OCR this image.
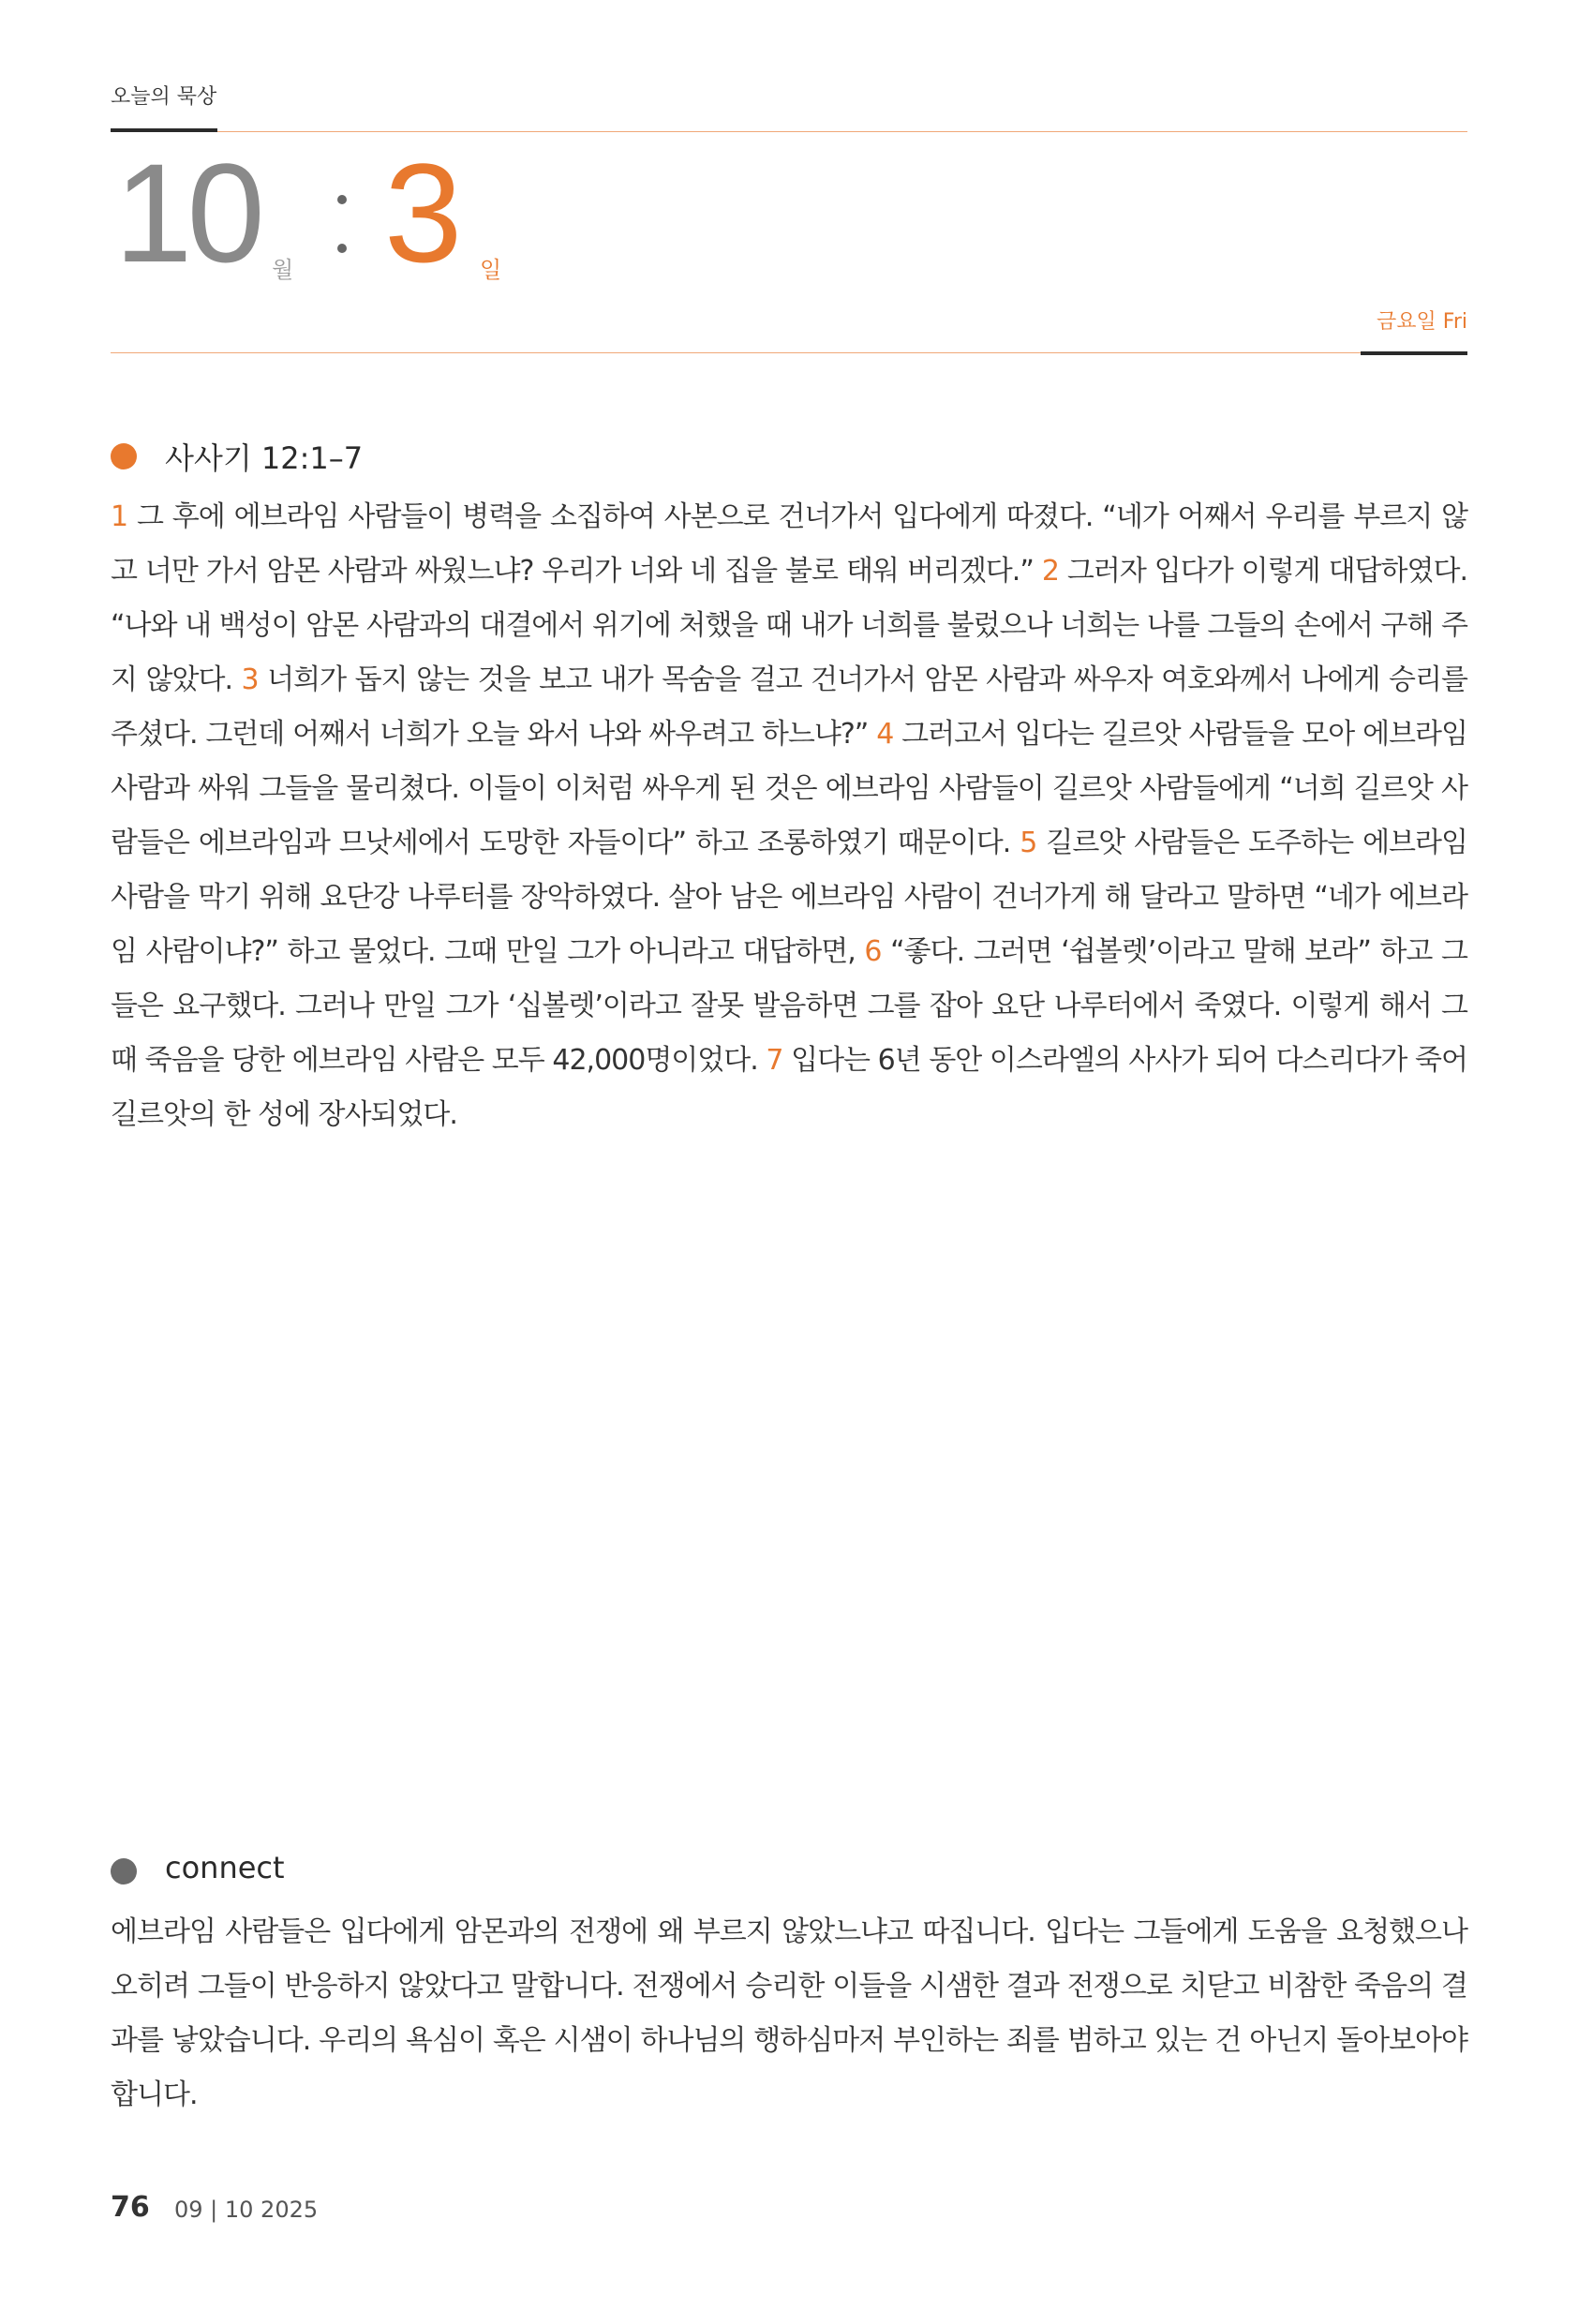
오늘의 묵상
10 월 3 일
금요일 Fri
사사기 12:1–7
1 그 후에 에브라임 사람들이 병력을 소집하여 사본으로 건너가서 입다에게 따졌다. “네가 어째서 우리를 부르지 않고 너만 가서 암몬 사람과 싸웠느냐? 우리가 너와 네 집을 불로 태워 버리겠다.” 2 그러자 입다가 이렇게 대답하였다. “나와 내 백성이 암몬 사람과의 대결에서 위기에 처했을 때 내가 너희를 불렀으나 너희는 나를 그들의 손에서 구해 주지 않았다. 3 너희가 돕지 않는 것을 보고 내가 목숨을 걸고 건너가서 암몬 사람과 싸우자 여호와께서 나에게 승리를 주셨다. 그런데 어째서 너희가 오늘 와서 나와 싸우려고 하느냐?” 4 그러고서 입다는 길르앗 사람들을 모아 에브라임 사람과 싸워 그들을 물리쳤다. 이들이 이처럼 싸우게 된 것은 에브라임 사람들이 길르앗 사람들에게 “너희 길르앗 사람들은 에브라임과 므낫세에서 도망한 자들이다” 하고 조롱하였기 때문이다. 5 길르앗 사람들은 도주하는 에브라임 사람을 막기 위해 요단강 나루터를 장악하였다. 살아 남은 에브라임 사람이 건너가게 해 달라고 말하면 “네가 에브라임 사람이냐?” 하고 물었다. 그때 만일 그가 아니라고 대답하면, 6 “좋다. 그러면 ‘쉽볼렛’이라고 말해 보라” 하고 그들은 요구했다. 그러나 만일 그가 ‘십볼렛’이라고 잘못 발음하면 그를 잡아 요단 나루터에서 죽였다. 이렇게 해서 그때 죽음을 당한 에브라임 사람은 모두 42,000명이었다. 7 입다는 6년 동안 이스라엘의 사사가 되어 다스리다가 죽어 길르앗의 한 성에 장사되었다.
connect
에브라임 사람들은 입다에게 암몬과의 전쟁에 왜 부르지 않았느냐고 따집니다. 입다는 그들에게 도움을 요청했으나 오히려 그들이 반응하지 않았다고 말합니다. 전쟁에서 승리한 이들을 시샘한 결과 전쟁으로 치닫고 비참한 죽음의 결과를 낳았습니다. 우리의 욕심이 혹은 시샘이 하나님의 행하심마저 부인하는 죄를 범하고 있는 건 아닌지 돌아보아야 합니다.
76 09 | 10 2025
